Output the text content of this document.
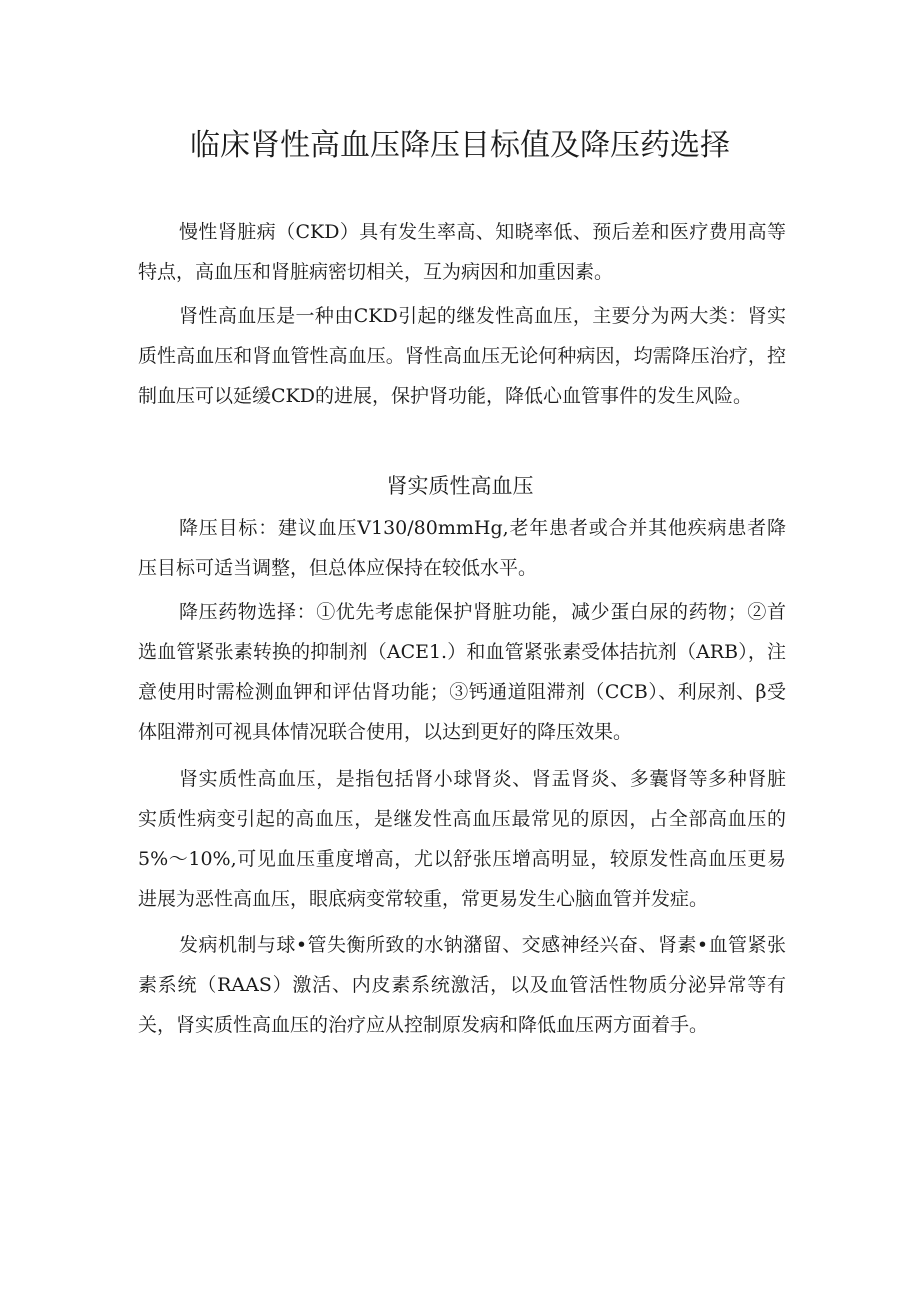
临床肾性高血压降压目标值及降压药选择

慢性肾脏病（CKD）具有发生率高、知晓率低、预后差和医疗费用高等特点，高血压和肾脏病密切相关，互为病因和加重因素。

肾性高血压是一种由CKD引起的继发性高血压，主要分为两大类：肾实质性高血压和肾血管性高血压。肾性高血压无论何种病因，均需降压治疗，控制血压可以延缓CKD的进展，保护肾功能，降低心血管事件的发生风险。

肾实质性高血压

降压目标：建议血压V130/80mmHg,老年患者或合并其他疾病患者降压目标可适当调整，但总体应保持在较低水平。

降压药物选择：①优先考虑能保护肾脏功能，减少蛋白尿的药物；②首选血管紧张素转换的抑制剂（ACE1.）和血管紧张素受体拮抗剂（ARB），注意使用时需检测血钾和评估肾功能；③钙通道阻滞剂（CCB）、利尿剂、β受体阻滞剂可视具体情况联合使用，以达到更好的降压效果。

肾实质性高血压，是指包括肾小球肾炎、肾盂肾炎、多囊肾等多种肾脏实质性病变引起的高血压，是继发性高血压最常见的原因，占全部高血压的5%～10%,可见血压重度增高，尤以舒张压增高明显，较原发性高血压更易进展为恶性高血压，眼底病变常较重，常更易发生心脑血管并发症。

发病机制与球•管失衡所致的水钠潴留、交感神经兴奋、肾素•血管紧张素系统（RAAS）激活、内皮素系统激活，以及血管活性物质分泌异常等有关，肾实质性高血压的治疗应从控制原发病和降低血压两方面着手。
